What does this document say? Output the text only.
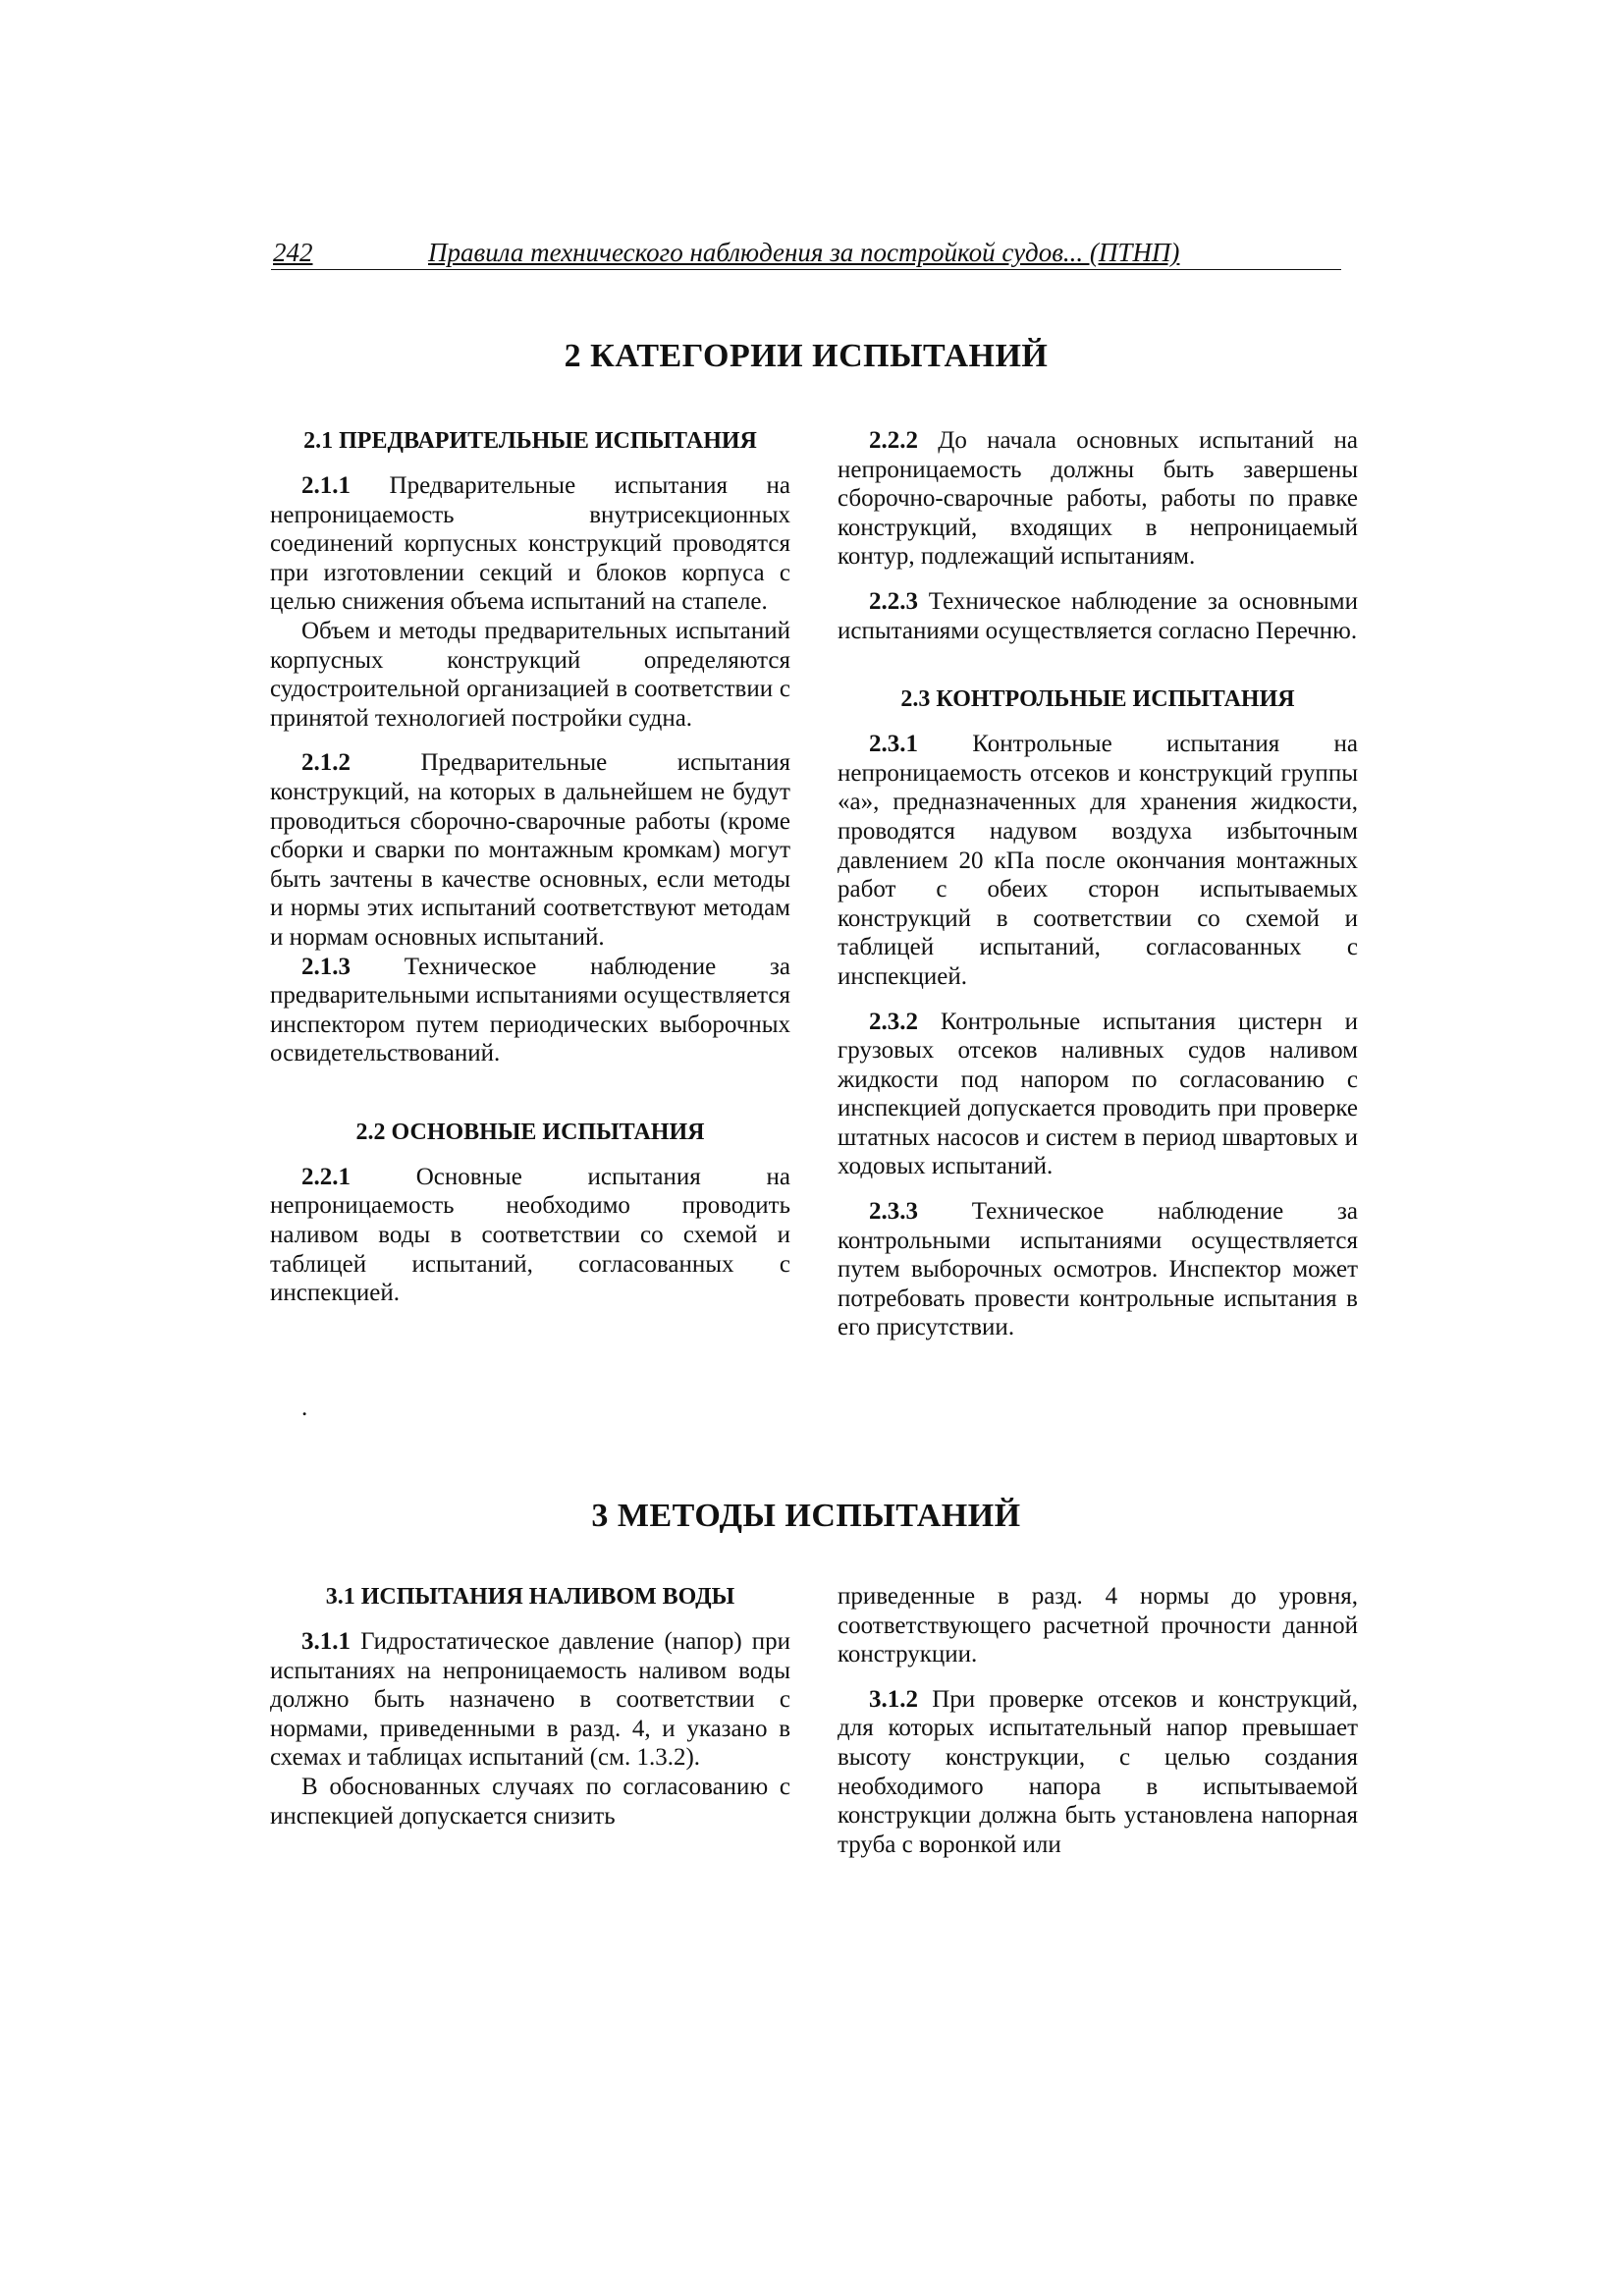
242	Правила технического наблюдения за постройкой судов... (ПТНП)
2 КАТЕГОРИИ ИСПЫТАНИЙ
2.1 ПРЕДВАРИТЕЛЬНЫЕ ИСПЫТАНИЯ

2.1.1 Предварительные испытания на непроницаемость внутрисекционных соединений корпусных конструкций проводятся при изготовлении секций и блоков корпуса с целью снижения объема испытаний на стапеле.

Объем и методы предварительных испытаний корпусных конструкций определяются судостроительной организацией в соответствии с принятой технологией постройки судна.

2.1.2 Предварительные испытания конструкций, на которых в дальнейшем не будут проводиться сборочно-сварочные работы (кроме сборки и сварки по монтажным кромкам) могут быть зачтены в качестве основных, если методы и нормы этих испытаний соответствуют методам и нормам основных испытаний.

2.1.3 Техническое наблюдение за предварительными испытаниями осуществляется инспектором путем периодических выборочных освидетельствований.

2.2 ОСНОВНЫЕ ИСПЫТАНИЯ

2.2.1 Основные испытания на непроницаемость необходимо проводить наливом воды в соответствии со схемой и таблицей испытаний, согласованных с инспекцией.

.

2.2.2 До начала основных испытаний на непроницаемость должны быть завершены сборочно-сварочные работы, работы по правке конструкций, входящих в непроницаемый контур, подлежащий испытаниям.

2.2.3 Техническое наблюдение за основными испытаниями осуществляется согласно Перечню.

2.3 КОНТРОЛЬНЫЕ ИСПЫТАНИЯ

2.3.1 Контрольные испытания на непроницаемость отсеков и конструкций группы «а», предназначенных для хранения жидкости, проводятся надувом воздуха избыточным давлением 20 кПа после окончания монтажных работ с обеих сторон испытываемых конструкций в соответствии со схемой и таблицей испытаний, согласованных с инспекцией.

2.3.2 Контрольные испытания цистерн и грузовых отсеков наливных судов наливом жидкости под напором по согласованию с инспекцией допускается проводить при проверке штатных насосов и систем в период швартовых и ходовых испытаний.

2.3.3 Техническое наблюдение за контрольными испытаниями осуществляется путем выборочных осмотров. Инспектор может потребовать провести контрольные испытания в его присутствии.

3 МЕТОДЫ ИСПЫТАНИЙ
3.1 ИСПЫТАНИЯ НАЛИВОМ ВОДЫ

3.1.1 Гидростатическое давление (напор) при испытаниях на непроницаемость наливом воды должно быть назначено в соответствии с нормами, приведенными в разд. 4, и указано в схемах и таблицах испытаний (см. 1.3.2).

В обоснованных случаях по согласованию с инспекцией допускается снизить

приведенные в разд. 4 нормы до уровня, соответствующего расчетной прочности данной конструкции.

3.1.2 При проверке отсеков и конструкций, для которых испытательный напор превышает высоту конструкции, с целью создания необходимого напора в испытываемой конструкции должна быть установлена напорная труба с воронкой или
